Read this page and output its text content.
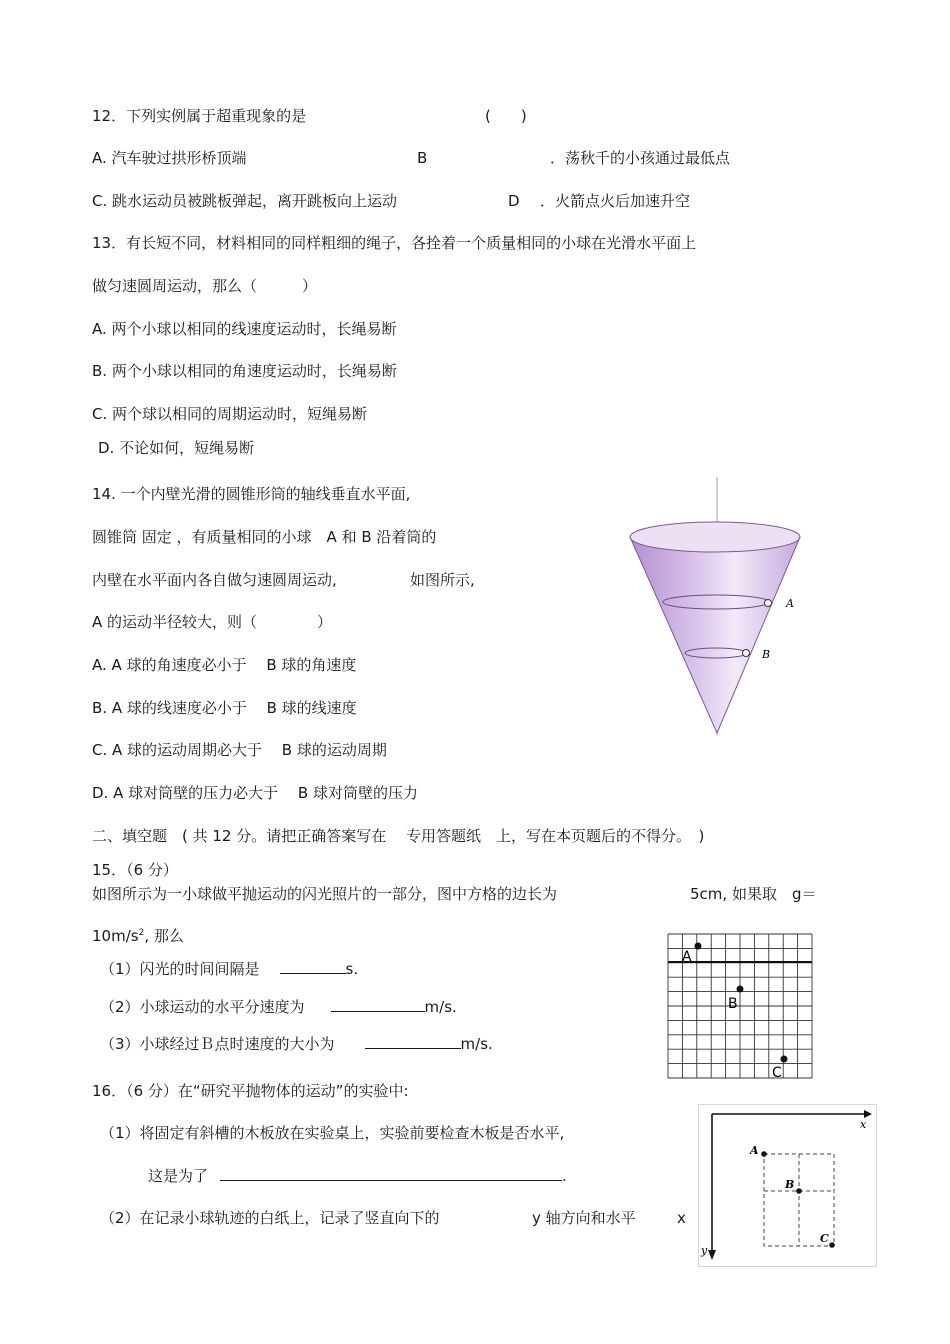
12．下列实例属于超重现象的是	(　　)
A. 汽车驶过拱形桥顶端	B	．荡秋千的小孩通过最低点
C. 跳水运动员被跳板弹起，离开跳板向上运动	D ．火箭点火后加速升空
13．有长短不同，材料相同的同样粗细的绳子，各拴着一个质量相同的小球在光滑水平面上
做匀速圆周运动，那么（　　　）
A. 两个小球以相同的线速度运动时，长绳易断
B. 两个小球以相同的角速度运动时，长绳易断
C. 两个球以相同的周期运动时，短绳易断
D. 不论如何，短绳易断
14. 一个内壁光滑的圆锥形筒的轴线垂直水平面,
圆锥筒 固定 ，有质量相同的小球　A 和 B 沿着筒的
内壁在水平面内各自做匀速圆周运动,	如图所示,
A 的运动半径较大，则（　　　　）
A. A 球的角速度必小于　 B 球的角速度
B. A 球的线速度必小于　 B 球的线速度
C. A 球的运动周期必大于　 B 球的运动周期
D. A 球对筒壁的压力必大于　 B 球对筒壁的压力
A
B
二、填空题　( 共 12 分。请把正确答案写在　 专用答题纸　上，写在本页题后的不得分。　)
15．（6 分）
如图所示为一小球做平抛运动的闪光照片的一部分，图中方格的边长为	5cm, 如果取　g＝
$10m/s^2$, 那么
（1）闪光的时间间隔是	s.
（2）小球运动的水平分速度为	m/s.
（3）小球经过Ｂ点时速度的大小为	m/s.
A
B
C
16．（6 分）在“研究平抛物体的运动”的实验中:
（1）将固定有斜槽的木板放在实验桌上，实验前要检查木板是否水平,
这是为了	.
（2）在记录小球轨迹的白纸上，记录了竖直向下的	y 轴方向和水平	x
x
y
A
B
C
